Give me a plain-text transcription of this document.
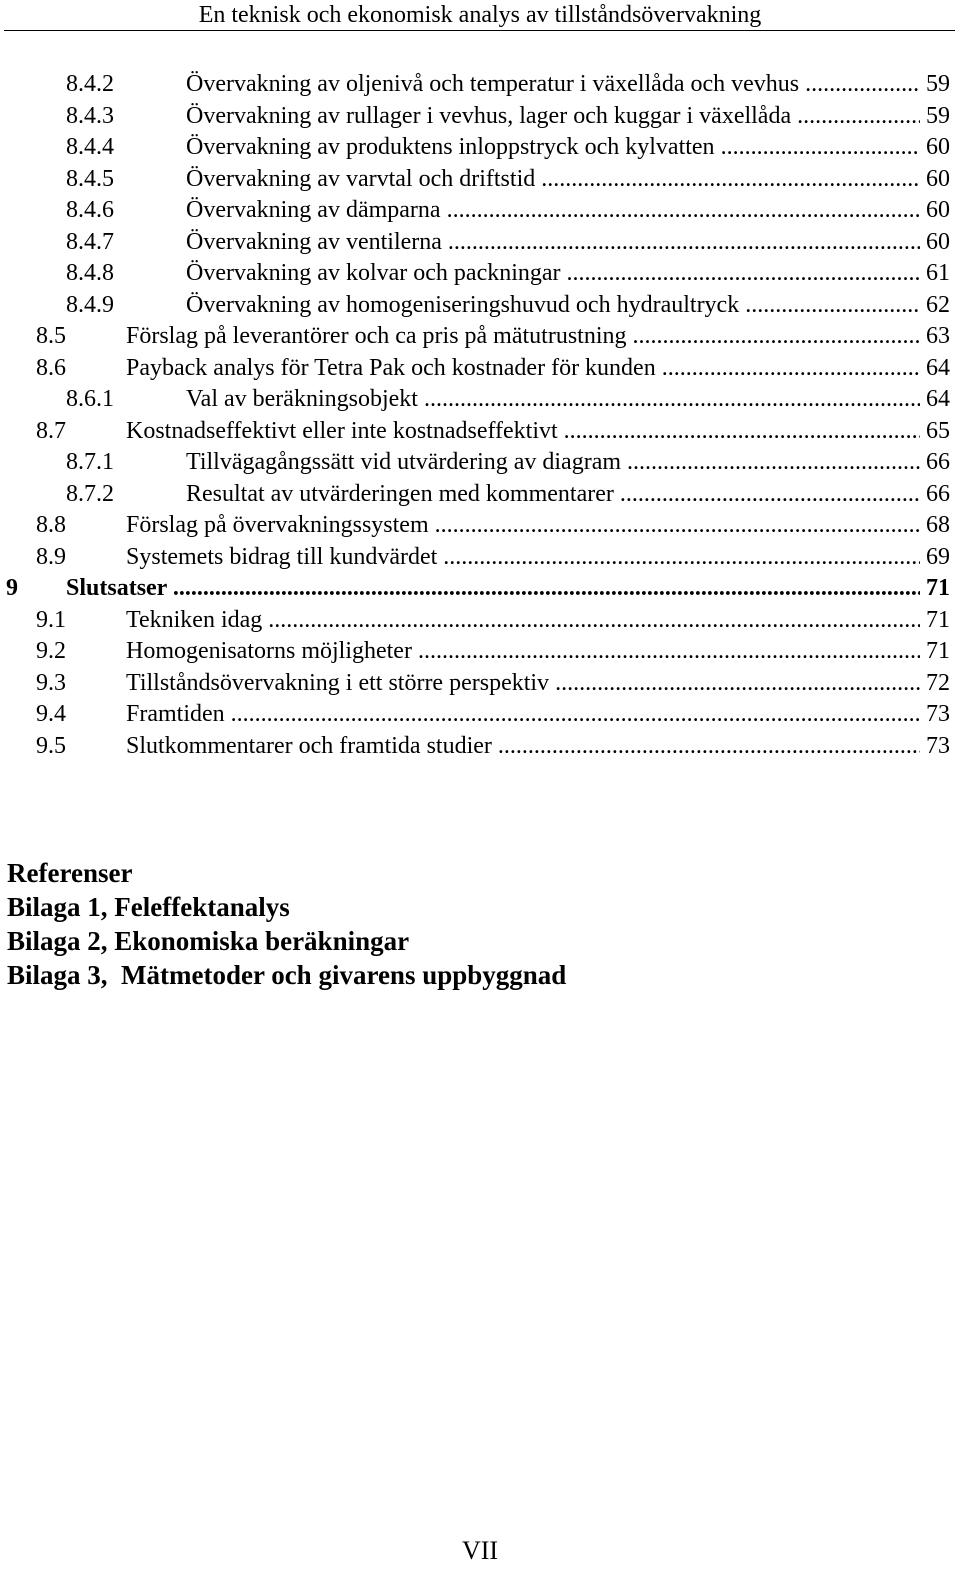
En teknisk och ekonomisk analys av tillståndsövervakning
8.4.2	Övervakning av oljenivå och temperatur i växellåda och vevhus .....	59
8.4.3	Övervakning av rullager i vevhus, lager och kuggar i växellåda .....	59
8.4.4	Övervakning av produktens inloppstryck och kylvatten .....	60
8.4.5	Övervakning av varvtal och driftstid .....	60
8.4.6	Övervakning av dämparna .....	60
8.4.7	Övervakning av ventilerna .....	60
8.4.8	Övervakning av kolvar och packningar .....	61
8.4.9	Övervakning av homogeniseringshuvud och hydraultryck .....	62
8.5	Förslag på leverantörer och ca pris på mätutrustning .....	63
8.6	Payback analys för Tetra Pak och kostnader för kunden .....	64
8.6.1	Val av beräkningsobjekt .....	64
8.7	Kostnadseffektivt eller inte kostnadseffektivt .....	65
8.7.1	Tillvägagångssätt vid utvärdering av diagram .....	66
8.7.2	Resultat av utvärderingen med kommentarer .....	66
8.8	Förslag på övervakningssystem .....	68
8.9	Systemets bidrag till kundvärdet .....	69
9 Slutsatser .....	71
9.1	Tekniken idag .....	71
9.2	Homogenisatorns möjligheter .....	71
9.3	Tillståndsövervakning i ett större perspektiv .....	72
9.4	Framtiden .....	73
9.5	Slutkommentarer och framtida studier .....	73
Referenser
Bilaga 1, Feleffektanalys
Bilaga 2, Ekonomiska beräkningar
Bilaga 3,  Mätmetoder och givarens uppbyggnad
VII
